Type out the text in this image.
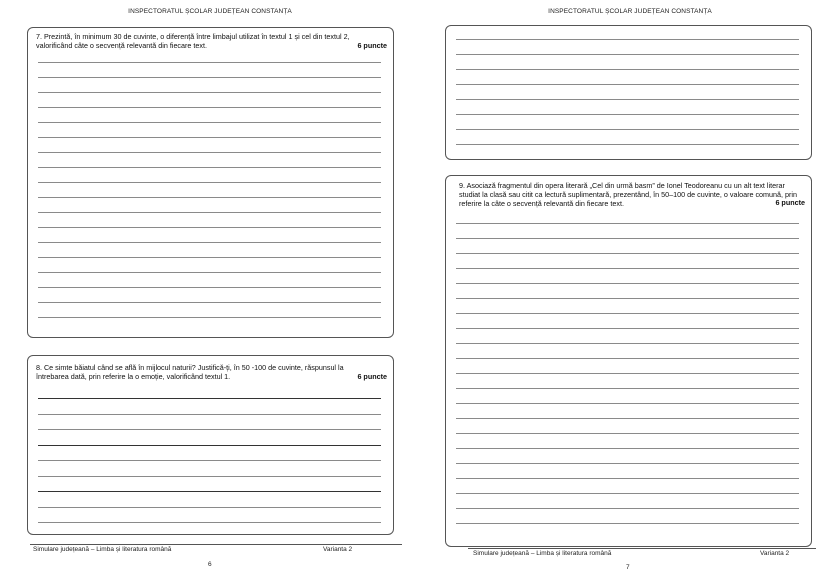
INSPECTORATUL ȘCOLAR JUDEȚEAN CONSTANȚA
7. Prezintă, în minimum 30 de cuvinte, o diferență între limbajul utilizat în textul 1 și cel din textul 2,
valorificând câte o secvență relevantă din fiecare text.	6 puncte
8. Ce simte băiatul când se află în mijlocul naturii? Justifică-ți, în 50 -100 de cuvinte, răspunsul la
întrebarea dată, prin referire la o emoție, valorificând textul 1.	6 puncte
Simulare județeană – Limba și literatura română	Varianta 2
6
INSPECTORATUL ȘCOLAR JUDEȚEAN CONSTANȚA
9. Asociază fragmentul din opera literară „Cel din urmă basm” de Ionel Teodoreanu cu un alt text literar
studiat la clasă sau citit ca lectură suplimentară, prezentând, în 50–100 de cuvinte, o valoare comună, prin
referire la câte o secvență relevantă din fiecare text.	6 puncte
Simulare județeană – Limba și literatura română	Varianta 2
7
